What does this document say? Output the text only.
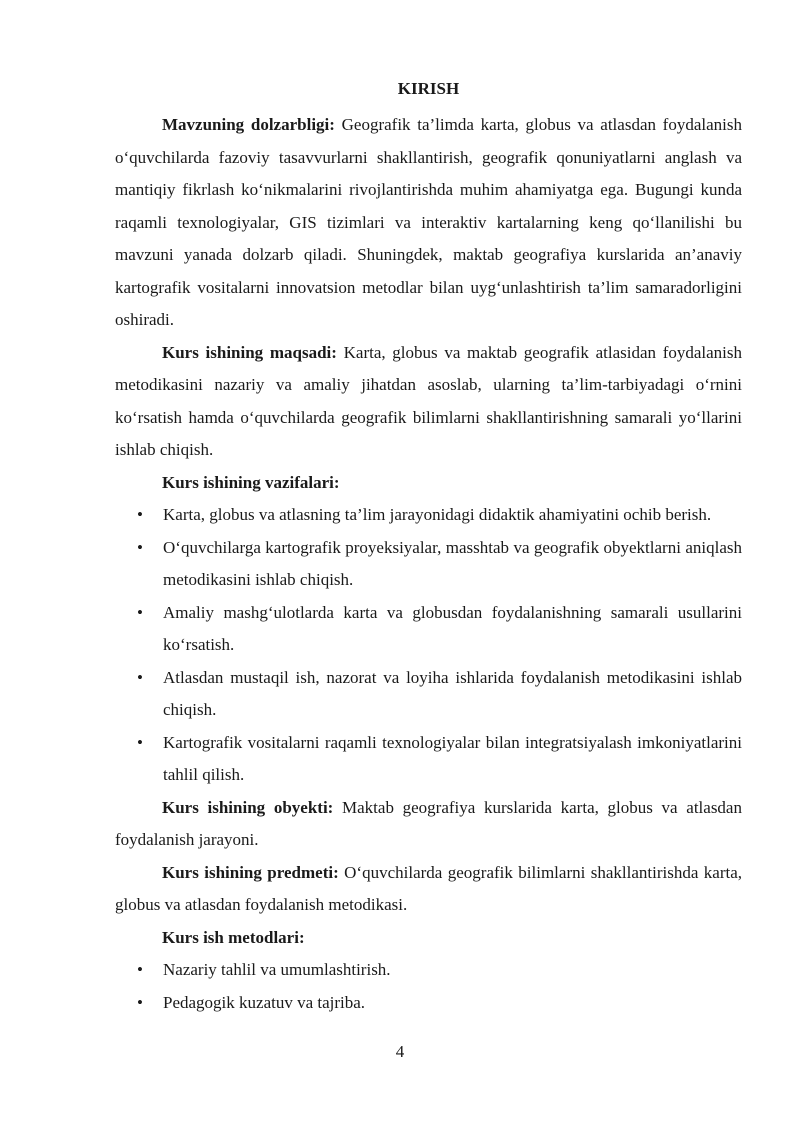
KIRISH

Mavzuning dolzarbligi: Geografik ta’limda karta, globus va atlasdan foydalanish o‘quvchilarda fazoviy tasavvurlarni shakllantirish, geografik qonuniyatlarni anglash va mantiqiy fikrlash ko‘nikmalarini rivojlantirishda muhim ahamiyatga ega. Bugungi kunda raqamli texnologiyalar, GIS tizimlari va interaktiv kartalarning keng qo‘llanilishi bu mavzuni yanada dolzarb qiladi. Shuningdek, maktab geografiya kurslarida an’anaviy kartografik vositalarni innovatsion metodlar bilan uyg‘unlashtirish ta’lim samaradorligini oshiradi.

Kurs ishining maqsadi: Karta, globus va maktab geografik atlasidan foydalanish metodikasini nazariy va amaliy jihatdan asoslab, ularning ta’lim-tarbiyadagi o‘rnini ko‘rsatish hamda o‘quvchilarda geografik bilimlarni shakllantirishning samarali yo‘llarini ishlab chiqish.

Kurs ishining vazifalari:
• Karta, globus va atlasning ta’lim jarayonidagi didaktik ahamiyatini ochib berish.
• O‘quvchilarga kartografik proyeksiyalar, masshtab va geografik obyektlarni aniqlash metodikasini ishlab chiqish.
• Amaliy mashg‘ulotlarda karta va globusdan foydalanishning samarali usullarini ko‘rsatish.
• Atlasdan mustaqil ish, nazorat va loyiha ishlarida foydalanish metodikasini ishlab chiqish.
• Kartografik vositalarni raqamli texnologiyalar bilan integratsiyalash imkoniyatlarini tahlil qilish.

Kurs ishining obyekti: Maktab geografiya kurslarida karta, globus va atlasdan foydalanish jarayoni.

Kurs ishining predmeti: O‘quvchilarda geografik bilimlarni shakllantirishda karta, globus va atlasdan foydalanish metodikasi.

Kurs ish metodlari:
• Nazariy tahlil va umumlashtirish.
• Pedagogik kuzatuv va tajriba.
4
